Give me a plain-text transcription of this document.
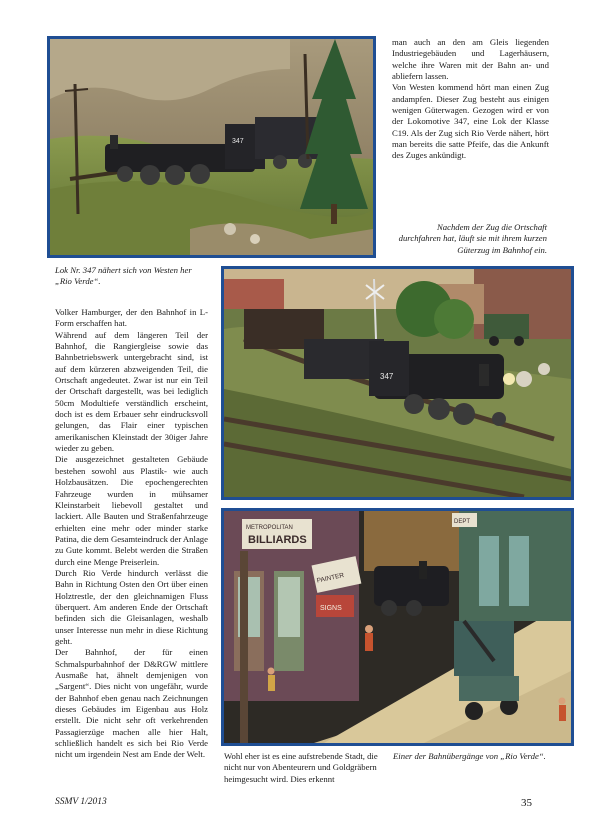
347

Lok Nr. 347 nähert sich von Westen her „Rio Verde“.

man auch an den am Gleis liegenden Industriegebäuden und Lagerhäusern, welche ihre Waren mit der Bahn an- und abliefern lassen.

Von Westen kommend hört man einen Zug andampfen. Dieser Zug besteht aus einigen wenigen Güterwagen. Gezogen wird er von der Lokomotive 347, eine Lok der Klasse C19. Als der Zug sich Rio Verde nähert, hört man bereits die satte Pfeife, das die Ankunft des Zuges ankündigt.

Nachdem der Zug die Ortschaft durchfahren hat, läuft sie mit ihrem kurzen Güterzug im Bahnhof ein.

Volker Hamburger, der den Bahnhof in L-Form erschaffen hat.

Während auf dem längeren Teil der Bahnhof, die Rangiergleise sowie das Bahnbetriebswerk untergebracht sind, ist auf dem kürzeren abzweigenden Teil, die Ortschaft angedeutet. Zwar ist nur ein Teil der Ortschaft dargestellt, was bei lediglich 50cm Modultiefe verständlich erscheint, doch ist es dem Erbauer sehr eindrucksvoll gelungen, das Flair einer typischen amerikanischen Kleinstadt der 30iger Jahre wieder zu geben.

Die ausgezeichnet gestalteten Gebäude bestehen sowohl aus Plastik- wie auch Holzbausätzen. Die epochengerechten Fahrzeuge wurden in mühsamer Kleinstarbeit liebevoll gestaltet und lackiert. Alle Bauten und Straßenfahrzeuge erhielten eine mehr oder minder starke Patina, die dem Gesamteindruck der Anlage zu Gute kommt. Belebt werden die Straßen durch eine Menge Preiserlein.

Durch Rio Verde hindurch verlässt die Bahn in Richtung Osten den Ort über einen Holztrestle, der den gleichnamigen Fluss überquert. Am anderen Ende der Ortschaft befinden sich die Gleisanlagen, weshalb unser Interesse nun mehr in diese Richtung geht.

Der Bahnhof, der für einen Schmalspurbahnhof der D&RGW mittlere Ausmaße hat, ähnelt demjenigen von „Sargent“. Dies nicht von ungefähr, wurde der Bahnhof eben genau nach Zeichnungen dieses Gebäudes im Eigenbau aus Holz erstellt. Die nicht sehr oft verkehrenden Passagierzüge machen alle hier Halt, schließlich handelt es sich bei Rio Verde nicht um irgendein Nest am Ende der Welt.

347
METROPOLITAN
BILLIARDS
PAINTER
SIGNS
DEPT

Wohl eher ist es eine aufstrebende Stadt, die nicht nur von Abenteurern und Goldgräbern heimgesucht wird. Dies erkennt

Einer der Bahnübergänge von „Rio Verde“.

SSMV 1/2013	35
